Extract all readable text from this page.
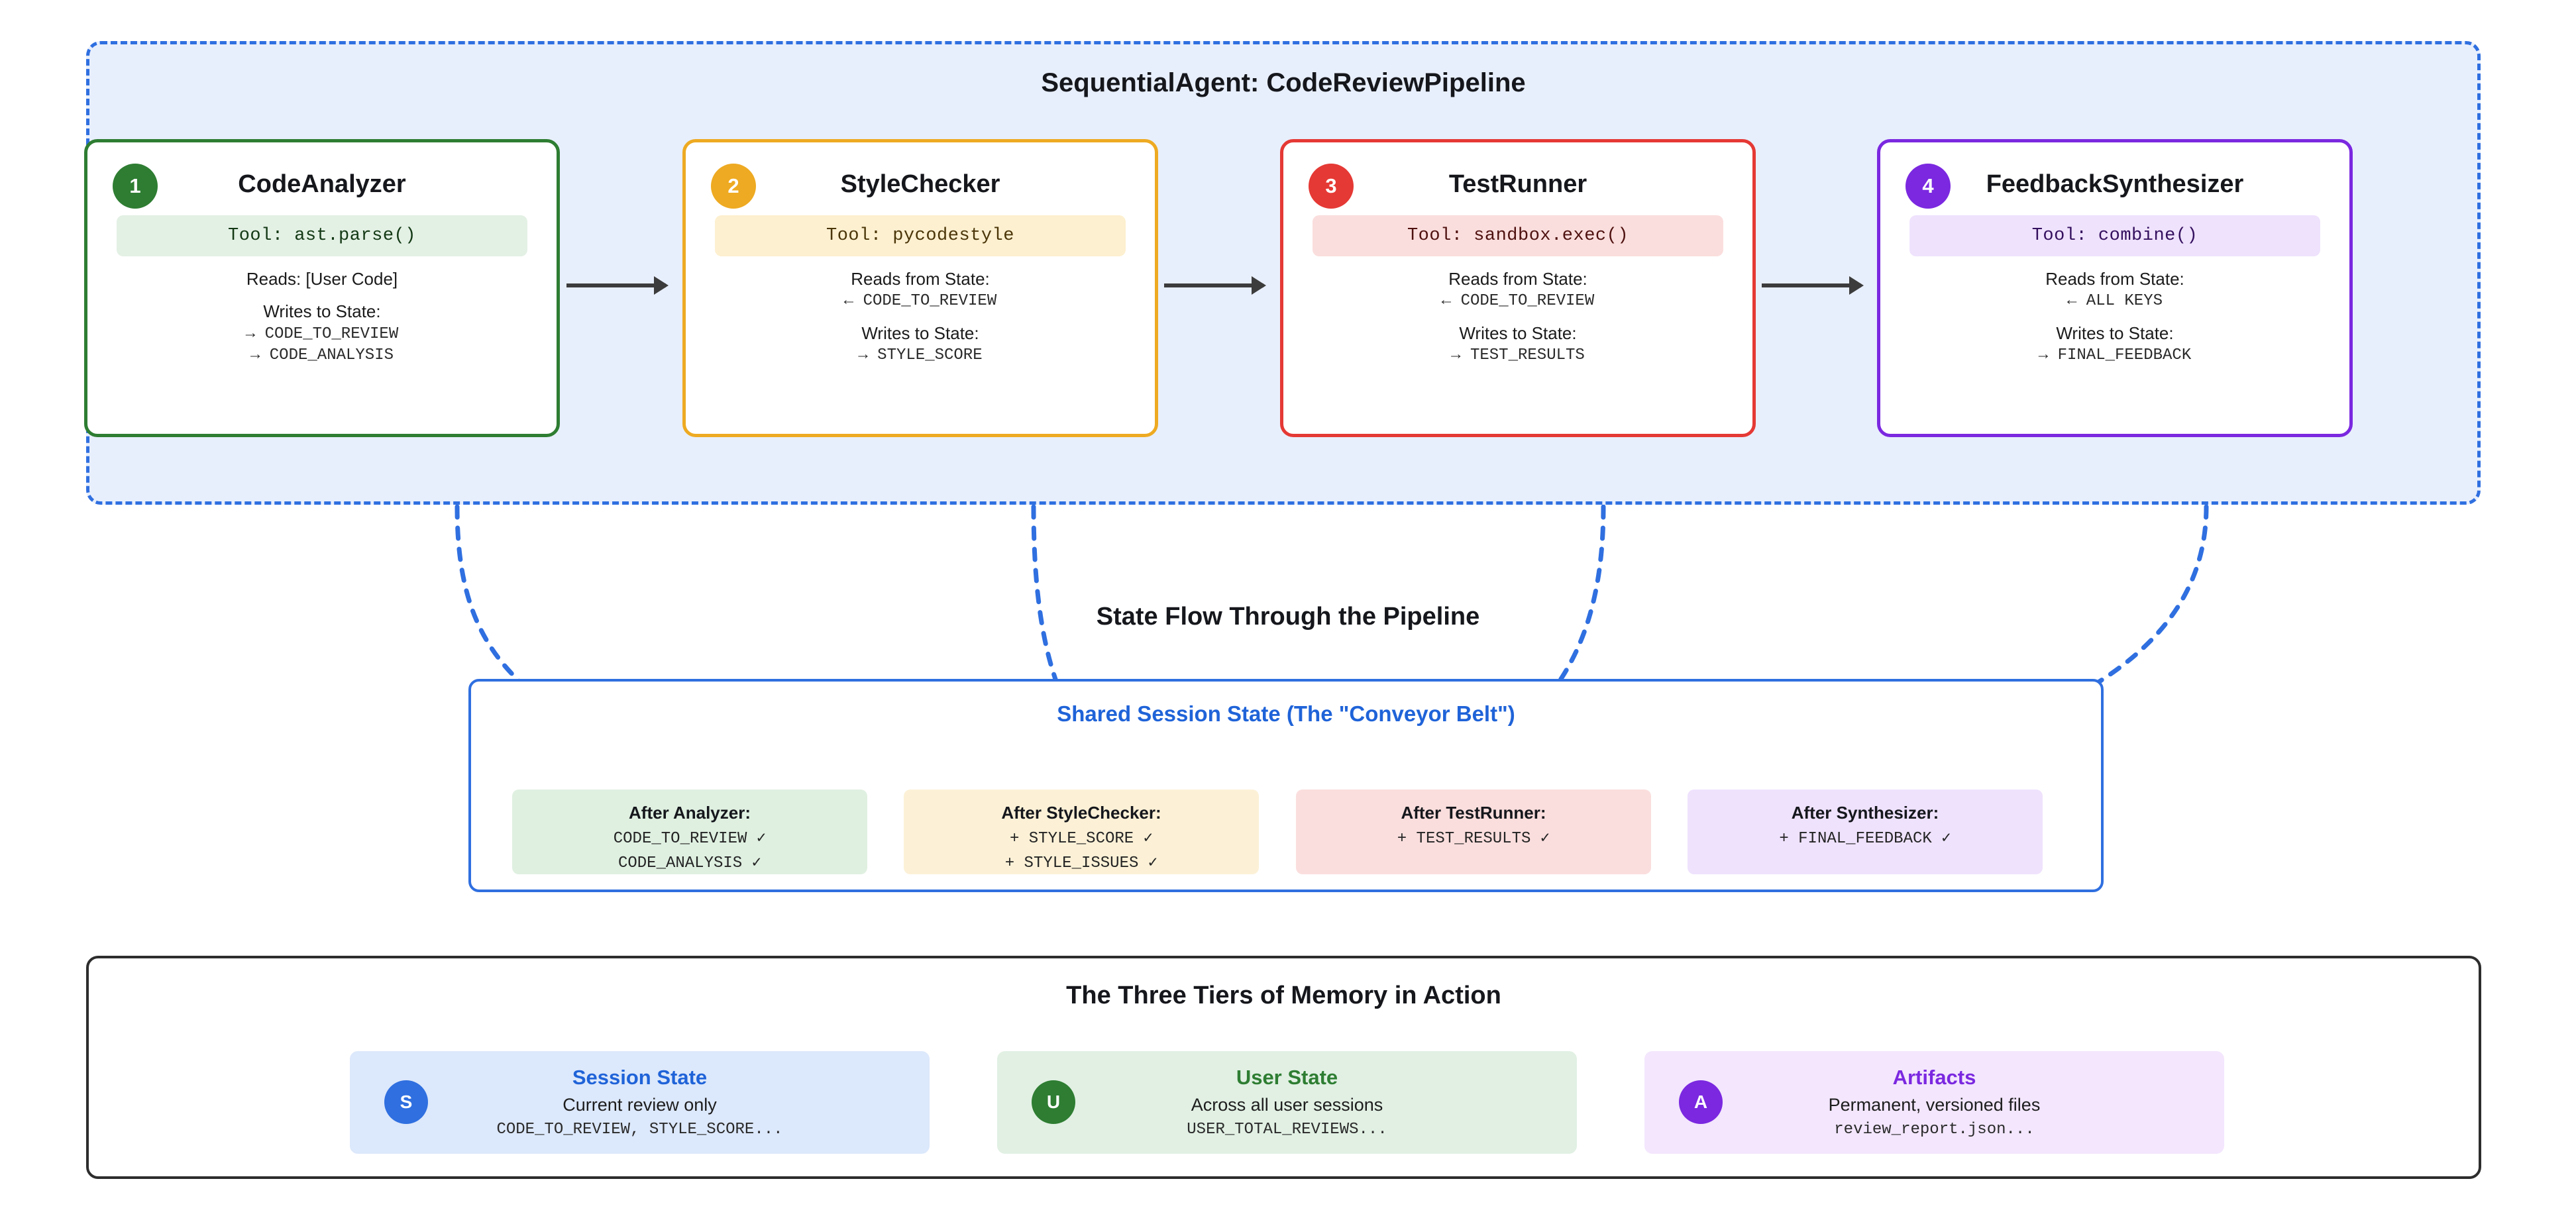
SequentialAgent: CodeReviewPipeline
1	CodeAnalyzer
Tool: ast.parse()
Reads: [User Code]
Writes to State:
→ CODE_TO_REVIEW
→ CODE_ANALYSIS
2	StyleChecker
Tool: pycodestyle
Reads from State:
← CODE_TO_REVIEW
Writes to State:
→ STYLE_SCORE
3	TestRunner
Tool: sandbox.exec()
Reads from State:
← CODE_TO_REVIEW
Writes to State:
→ TEST_RESULTS
4	FeedbackSynthesizer
Tool: combine()
Reads from State:
← ALL KEYS
Writes to State:
→ FINAL_FEEDBACK
State Flow Through the Pipeline
Shared Session State (The "Conveyor Belt")
After Analyzer:
CODE_TO_REVIEW ✓
CODE_ANALYSIS ✓
After StyleChecker:
+ STYLE_SCORE ✓
+ STYLE_ISSUES ✓
After TestRunner:
+ TEST_RESULTS ✓
After Synthesizer:
+ FINAL_FEEDBACK ✓
The Three Tiers of Memory in Action
S
Session State
Current review only
CODE_TO_REVIEW, STYLE_SCORE...
U
User State
Across all user sessions
USER_TOTAL_REVIEWS...
A
Artifacts
Permanent, versioned files
review_report.json...
